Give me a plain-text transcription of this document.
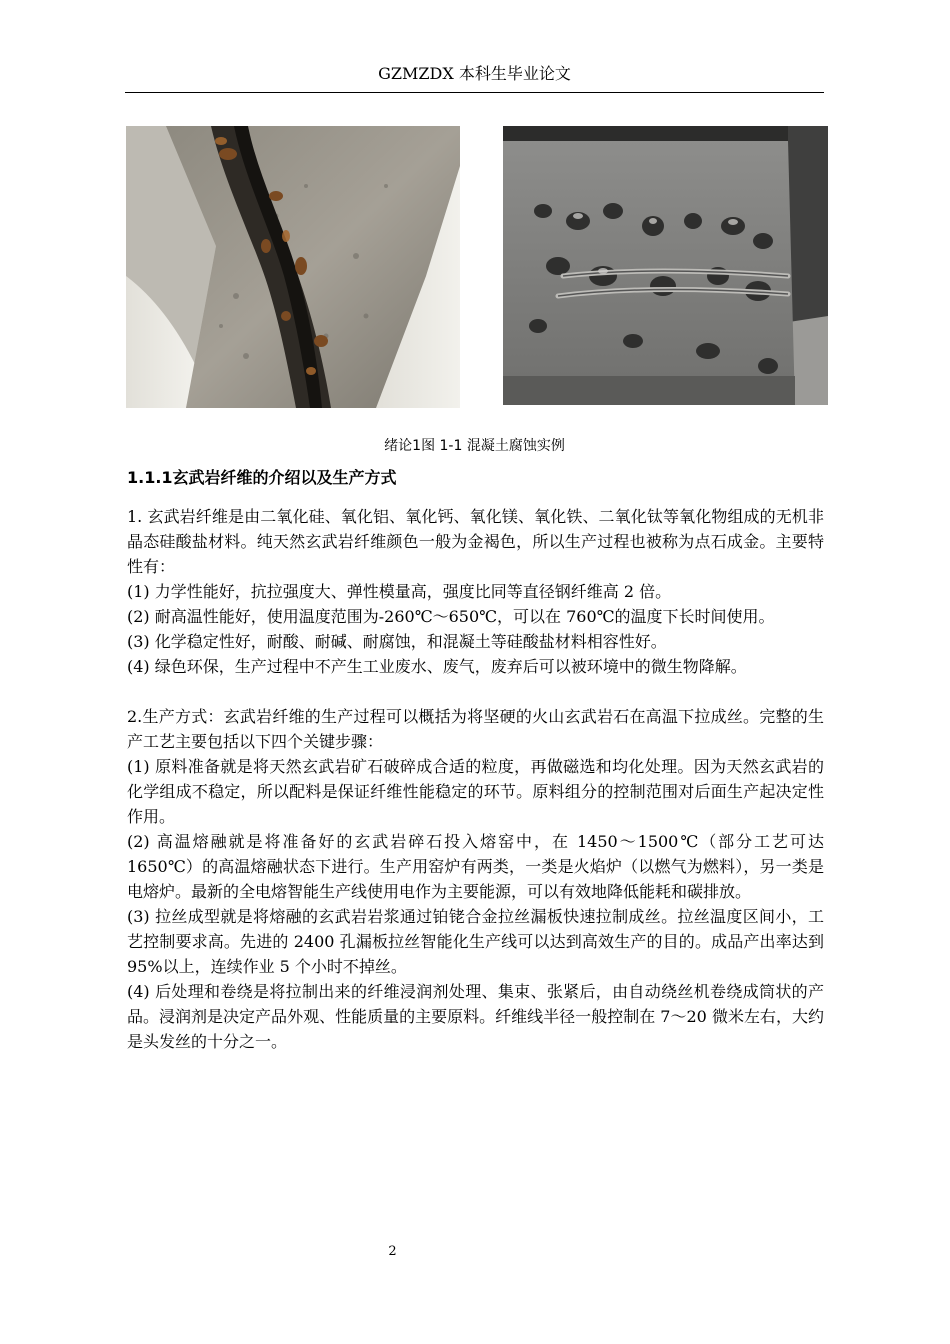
GZMZDX 本科生毕业论文
绪论1图 1-1 混凝土腐蚀实例
1.1.1玄武岩纤维的介绍以及生产方式

1. 玄武岩纤维是由二氧化硅、氧化铝、氧化钙、氧化镁、氧化铁、二氧化钛等氧化物组成的无机非晶态硅酸盐材料。纯天然玄武岩纤维颜色一般为金褐色，所以生产过程也被称为点石成金。主要特性有：

(1) 力学性能好，抗拉强度大、弹性模量高，强度比同等直径钢纤维高 2 倍。

(2) 耐高温性能好，使用温度范围为-260℃～650℃，可以在 760℃的温度下长时间使用。

(3) 化学稳定性好，耐酸、耐碱、耐腐蚀，和混凝土等硅酸盐材料相容性好。

(4) 绿色环保，生产过程中不产生工业废水、废气，废弃后可以被环境中的微生物降解。

2.生产方式：玄武岩纤维的生产过程可以概括为将坚硬的火山玄武岩石在高温下拉成丝。完整的生产工艺主要包括以下四个关键步骤：

(1) 原料准备就是将天然玄武岩矿石破碎成合适的粒度，再做磁选和均化处理。因为天然玄武岩的化学组成不稳定，所以配料是保证纤维性能稳定的环节。原料组分的控制范围对后面生产起决定性作用。

(2) 高温熔融就是将准备好的玄武岩碎石投入熔窑中，在 1450～1500℃（部分工艺可达 1650℃）的高温熔融状态下进行。生产用窑炉有两类，一类是火焰炉（以燃气为燃料），另一类是电熔炉。最新的全电熔智能生产线使用电作为主要能源，可以有效地降低能耗和碳排放。

(3) 拉丝成型就是将熔融的玄武岩岩浆通过铂铑合金拉丝漏板快速拉制成丝。拉丝温度区间小，工艺控制要求高。先进的 2400 孔漏板拉丝智能化生产线可以达到高效生产的目的。成品产出率达到 95%以上，连续作业 5 个小时不掉丝。

(4) 后处理和卷绕是将拉制出来的纤维浸润剂处理、集束、张紧后，由自动绕丝机卷绕成筒状的产品。浸润剂是决定产品外观、性能质量的主要原料。纤维线半径一般控制在 7～20 微米左右，大约是头发丝的十分之一。

2
